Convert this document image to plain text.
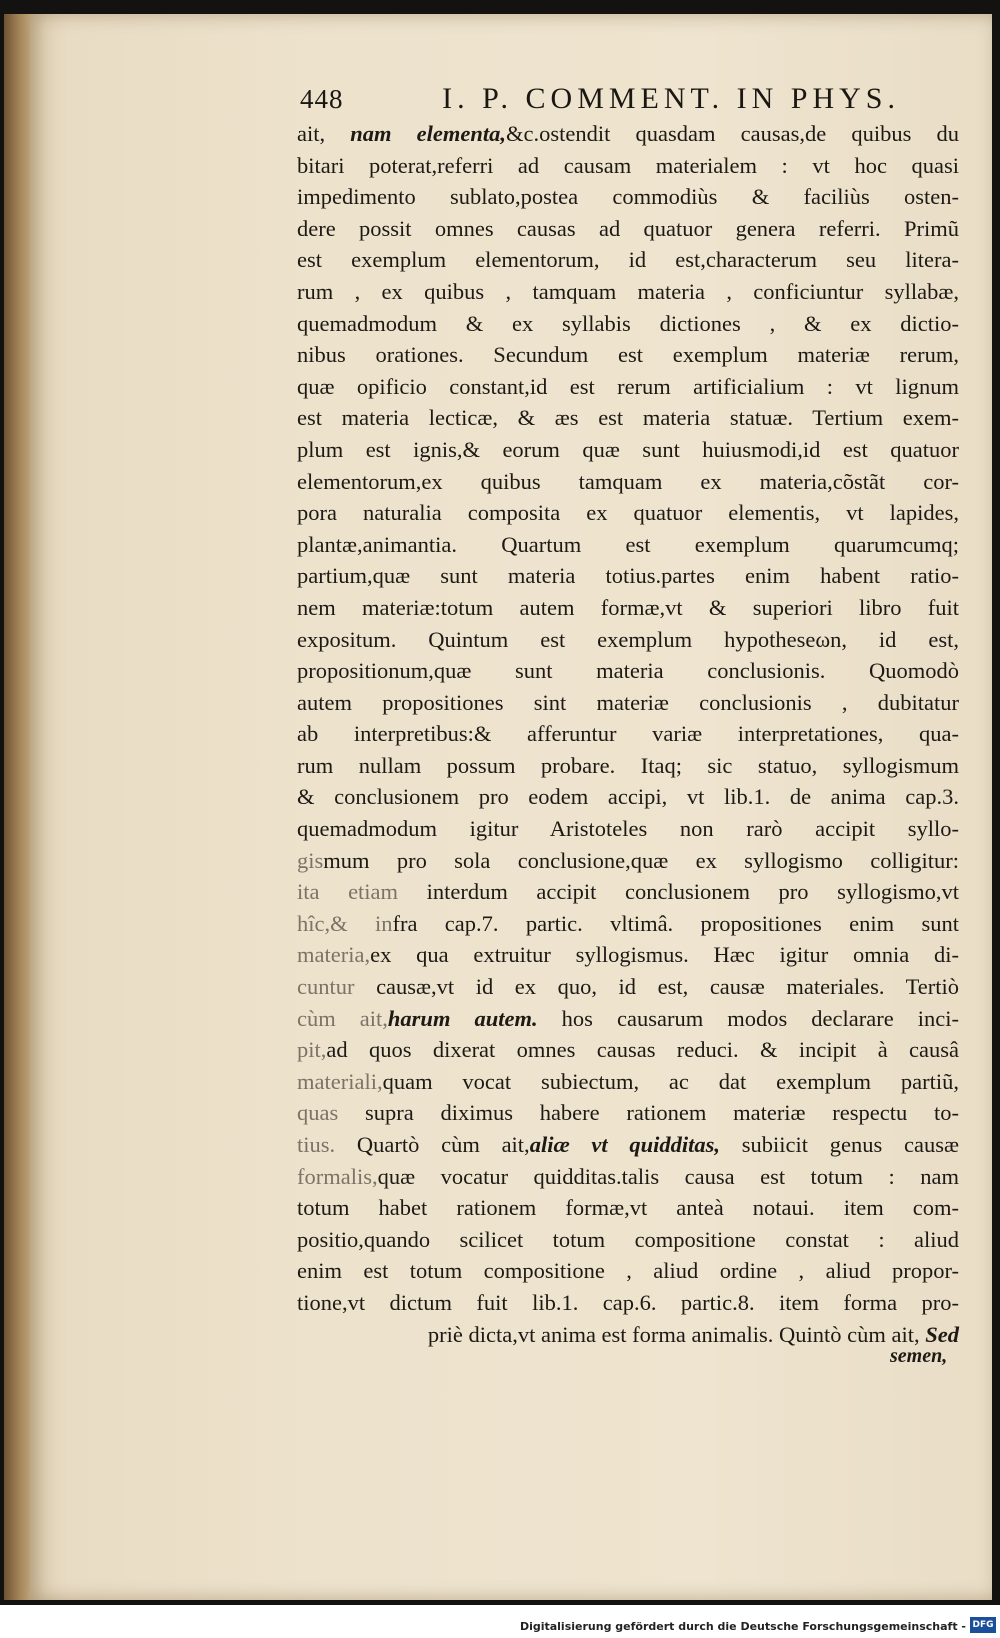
448	I. P. COMMENT. IN PHYS.
ait, nam elementa,&c.ostendit quasdam causas,de quibus du
bitari poterat,referri ad causam materialem : vt hoc quasi
impedimento sublato,postea commodiùs & faciliùs osten-
dere possit omnes causas ad quatuor genera referri. Primũ
est exemplum elementorum, id est,characterum seu litera-
rum , ex quibus , tamquam materia , conficiuntur syllabæ,
quemadmodum & ex syllabis dictiones , & ex dictio-
nibus orationes. Secundum est exemplum materiæ rerum,
quæ opificio constant,id est rerum artificialium : vt lignum
est materia lecticæ, & æs est materia statuæ. Tertium exem-
plum est ignis,& eorum quæ sunt huiusmodi,id est quatuor
elementorum,ex quibus tamquam ex materia,cõstãt cor-
pora naturalia composita ex quatuor elementis, vt lapides,
plantæ,animantia. Quartum est exemplum quarumcumq;
partium,quæ sunt materia totius.partes enim habent ratio-
nem materiæ:totum autem formæ,vt & superiori libro fuit
expositum. Quintum est exemplum hypotheseωn, id est,
propositionum,quæ sunt materia conclusionis. Quomodò
autem propositiones sint materiæ conclusionis , dubitatur
ab interpretibus:& afferuntur variæ interpretationes, qua-
rum nullam possum probare. Itaq; sic statuo, syllogismum
& conclusionem pro eodem accipi, vt lib.1. de anima cap.3.
quemadmodum igitur Aristoteles non rarò accipit syllo-
gismum pro sola conclusione,quæ ex syllogismo colligitur:
ita etiam interdum accipit conclusionem pro syllogismo,vt
hîc,& infra cap.7. partic. vltimâ. propositiones enim sunt
materia,ex qua extruitur syllogismus. Hæc igitur omnia di-
cuntur causæ,vt id ex quo, id est, causæ materiales. Tertiò
cùm ait,harum autem. hos causarum modos declarare inci-
pit,ad quos dixerat omnes causas reduci. & incipit à causâ
materiali,quam vocat subiectum, ac dat exemplum partiũ,
quas supra diximus habere rationem materiæ respectu to-
tius. Quartò cùm ait,aliæ vt quidditas, subiicit genus causæ
formalis,quæ vocatur quidditas.talis causa est totum : nam
totum habet rationem formæ,vt anteà notaui. item com-
positio,quando scilicet totum compositione constat : aliud
enim est totum compositione , aliud ordine , aliud propor-
tione,vt dictum fuit lib.1. cap.6. partic.8. item forma pro-
priè dicta,vt anima est forma animalis. Quintò cùm ait, Sed
semen,
Digitalisierung gefördert durch die Deutsche Forschungsgemeinschaft - DFG
